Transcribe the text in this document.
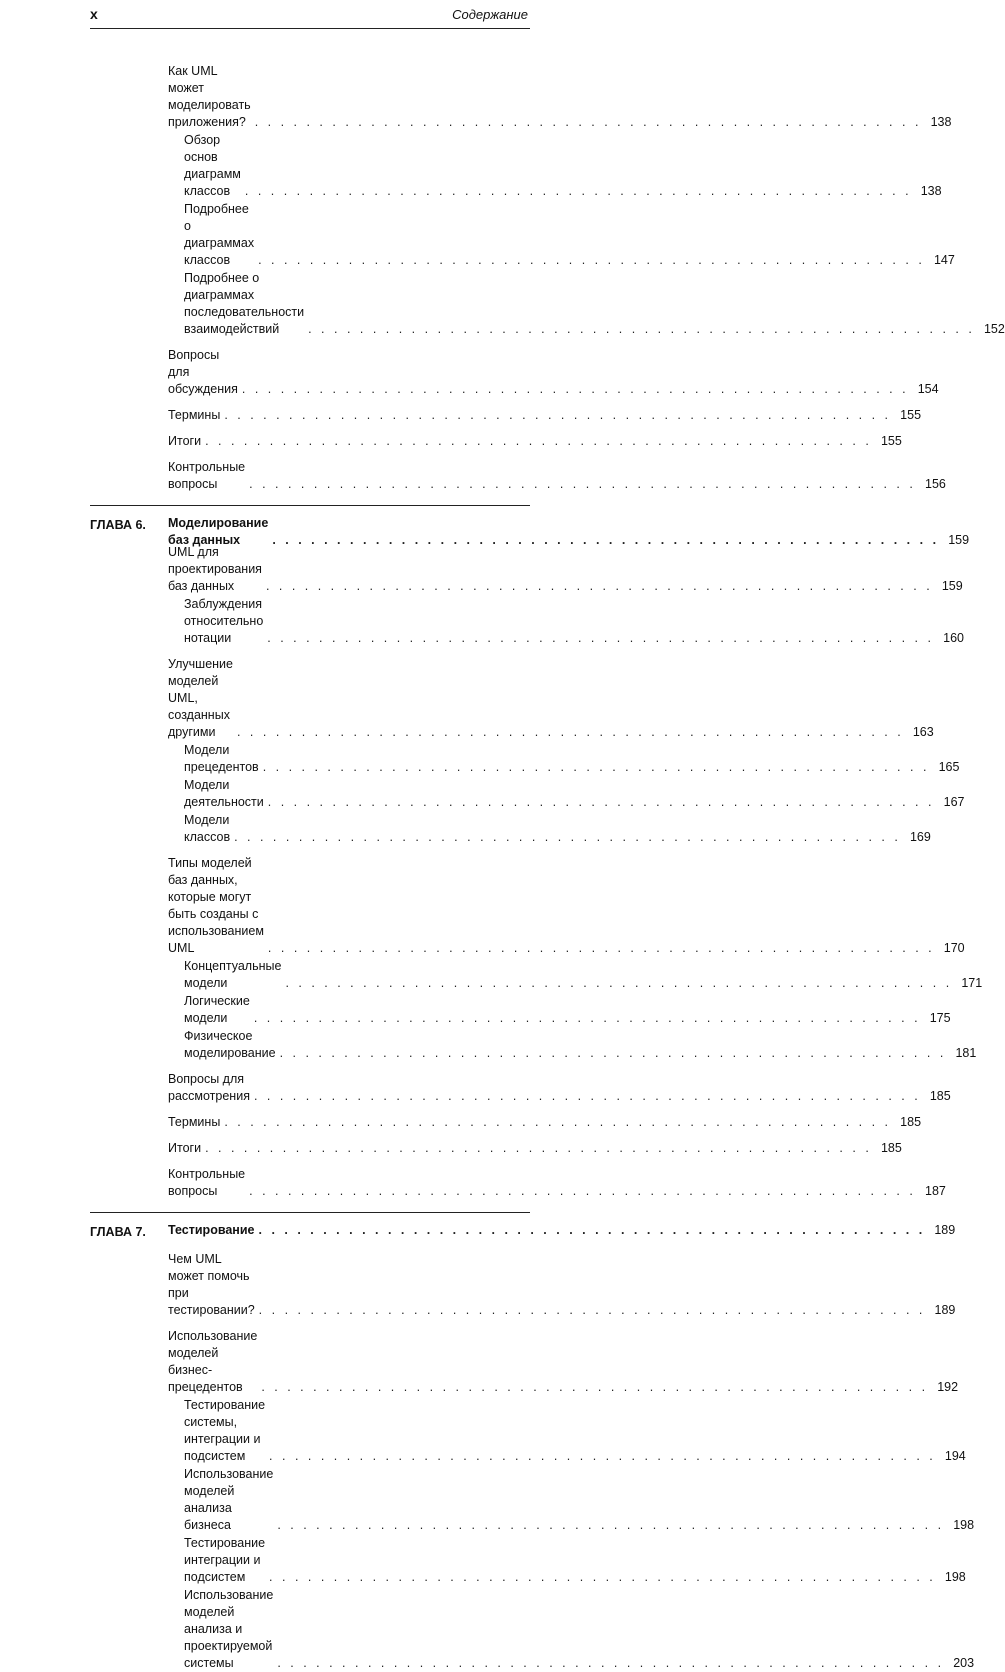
x	Содержание
Как UML может моделировать приложения? . . .	138
Обзор основ диаграмм классов . . .	138
Подробнее о диаграммах классов . . .	147
Подробнее о диаграммах последовательности взаимодействий . . .	152
Вопросы для обсуждения . . .	154
Термины . . .	155
Итоги . . .	155
Контрольные вопросы . . .	156
ГЛАВА 6. Моделирование баз данных . . .	159
UML для проектирования баз данных . . .	159
Заблуждения относительно нотации . . .	160
Улучшение моделей UML, созданных другими . . .	163
Модели прецедентов . . .	165
Модели деятельности . . .	167
Модели классов . . .	169
Типы моделей баз данных, которые могут быть созданы с использованием UML . . .	170
Концептуальные модели . . .	171
Логические модели . . .	175
Физическое моделирование . . .	181
Вопросы для рассмотрения . . .	185
Термины . . .	185
Итоги . . .	185
Контрольные вопросы . . .	187
ГЛАВА 7. Тестирование . . .	189
Чем UML может помочь при тестировании? . . .	189
Использование моделей бизнес-прецедентов . . .	192
Тестирование системы, интеграции и подсистем . . .	194
Использование моделей анализа бизнеса . . .	198
Тестирование интеграции и подсистем . . .	198
Использование моделей анализа и проектируемой системы . . .	203
